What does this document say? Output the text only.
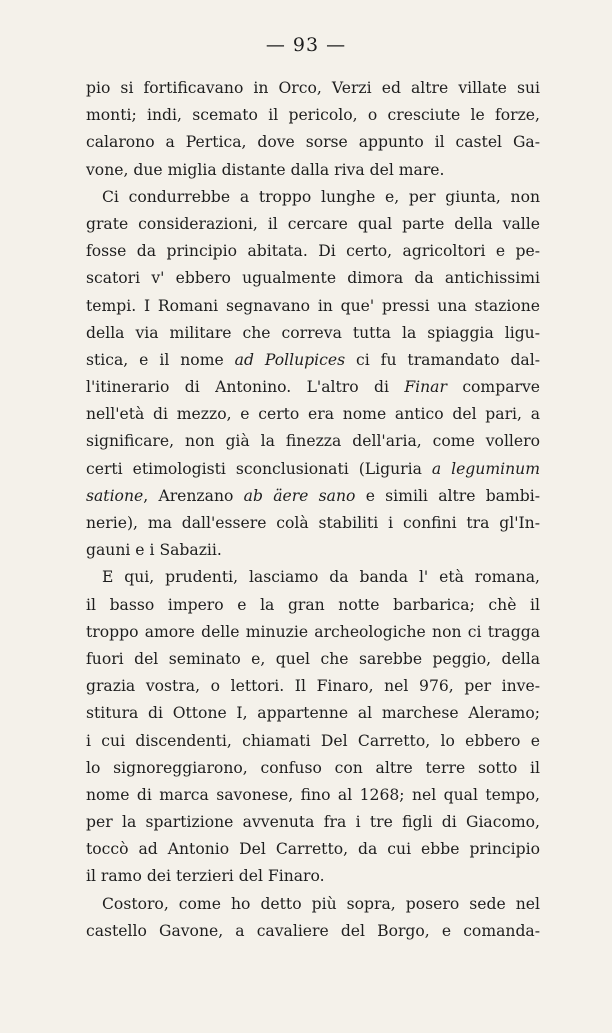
— 93 —
pio si fortificavano in Orco, Verzi ed altre villate sui
monti; indi, scemato il pericolo, o cresciute le forze,
calarono a Pertica, dove sorse appunto il castel Ga-
vone, due miglia distante dalla riva del mare.
Ci condurrebbe a troppo lunghe e, per giunta, non
grate considerazioni, il cercare qual parte della valle
fosse da principio abitata. Di certo, agricoltori e pe-
scatori v' ebbero ugualmente dimora da antichissimi
tempi. I Romani segnavano in que' pressi una stazione
della via militare che correva tutta la spiaggia ligu-
stica, e il nome ad Pollupices ci fu tramandato dal-
l'itinerario di Antonino. L'altro di Finar comparve
nell'età di mezzo, e certo era nome antico del pari, a
significare, non già la finezza dell'aria, come vollero
certi etimologisti sconclusionati (Liguria a leguminum
satione, Arenzano ab äere sano e simili altre bambi-
nerie), ma dall'essere colà stabiliti i confini tra gl'In-
gauni e i Sabazii.
E qui, prudenti, lasciamo da banda l' età romana,
il basso impero e la gran notte barbarica; chè il
troppo amore delle minuzie archeologiche non ci tragga
fuori del seminato e, quel che sarebbe peggio, della
grazia vostra, o lettori. Il Finaro, nel 976, per inve-
stitura di Ottone I, appartenne al marchese Aleramo;
i cui discendenti, chiamati Del Carretto, lo ebbero e
lo signoreggiarono, confuso con altre terre sotto il
nome di marca savonese, fino al 1268; nel qual tempo,
per la spartizione avvenuta fra i tre figli di Giacomo,
toccò ad Antonio Del Carretto, da cui ebbe principio
il ramo dei terzieri del Finaro.
Costoro, come ho detto più sopra, posero sede nel
castello Gavone, a cavaliere del Borgo, e comanda-
